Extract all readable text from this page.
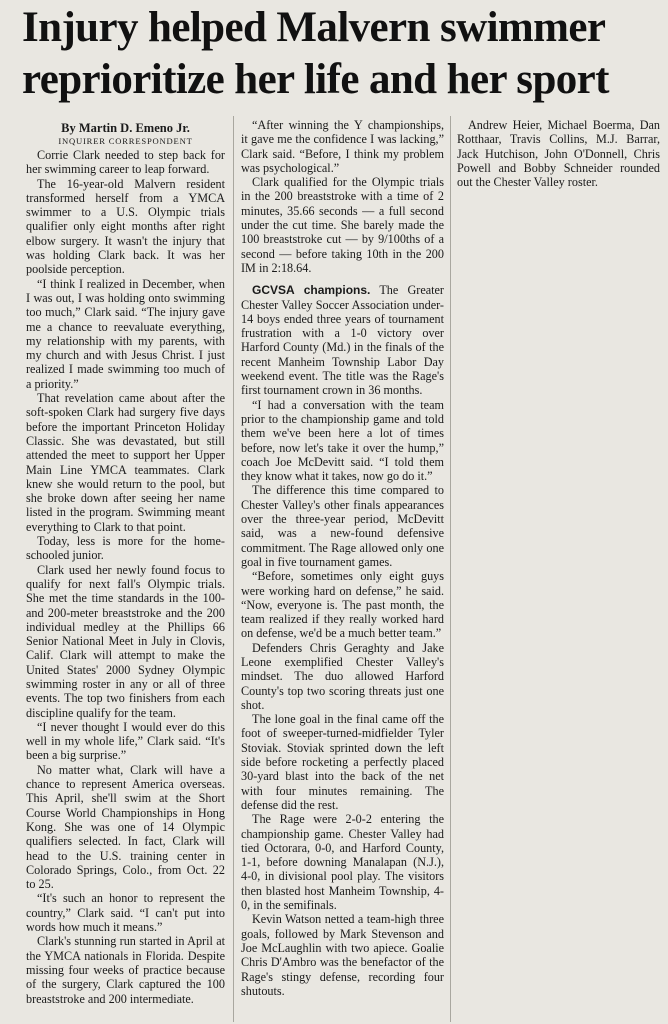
Injury helped Malvern swimmer
reprioritize her life and her sport
By Martin D. Emeno Jr.
INQUIRER CORRESPONDENT

Corrie Clark needed to step back for her swimming career to leap forward.

The 16-year-old Malvern resident transformed herself from a YMCA swimmer to a U.S. Olympic trials qualifier only eight months after right elbow surgery. It wasn't the injury that was holding Clark back. It was her poolside perception.

“I think I realized in December, when I was out, I was holding onto swimming too much,” Clark said. “The injury gave me a chance to reevaluate everything, my relationship with my parents, with my church and with Jesus Christ. I just realized I made swimming too much of a priority.”

That revelation came about after the soft-spoken Clark had surgery five days before the important Princeton Holiday Classic. She was devastated, but still attended the meet to support her Upper Main Line YMCA teammates. Clark knew she would return to the pool, but she broke down after seeing her name listed in the program. Swimming meant everything to Clark to that point.

Today, less is more for the home-schooled junior.

Clark used her newly found focus to qualify for next fall's Olympic trials. She met the time standards in the 100- and 200-meter breaststroke and the 200 individual medley at the Phillips 66 Senior National Meet in July in Clovis, Calif. Clark will attempt to make the United States' 2000 Sydney Olympic swimming roster in any or all of three events. The top two finishers from each discipline qualify for the team.

“I never thought I would ever do this well in my whole life,” Clark said. “It's been a big surprise.”

No matter what, Clark will have a chance to represent America overseas. This April, she'll swim at the Short Course World Championships in Hong Kong. She was one of 14 Olympic qualifiers selected. In fact, Clark will head to the U.S. training center in Colorado Springs, Colo., from Oct. 22 to 25.

“It's such an honor to represent the country,” Clark said. “I can't put into words how much it means.”

Clark's stunning run started in April at the YMCA nationals in Florida. Despite missing four weeks of practice because of the surgery, Clark captured the 100 breaststroke and 200 intermediate.

“After winning the Y championships, it gave me the confidence I was lacking,” Clark said. “Before, I think my problem was psychological.”

Clark qualified for the Olympic trials in the 200 breaststroke with a time of 2 minutes, 35.66 seconds — a full second under the cut time. She barely made the 100 breaststroke cut — by 9/100ths of a second — before taking 10th in the 200 IM in 2:18.64.

GCVSA champions. The Greater Chester Valley Soccer Association under-14 boys ended three years of tournament frustration with a 1-0 victory over Harford County (Md.) in the finals of the recent Manheim Township Labor Day weekend event. The title was the Rage's first tournament crown in 36 months.

“I had a conversation with the team prior to the championship game and told them we've been here a lot of times before, now let's take it over the hump,” coach Joe McDevitt said. “I told them they know what it takes, now go do it.”

The difference this time compared to Chester Valley's other finals appearances over the three-year period, McDevitt said, was a new-found defensive commitment. The Rage allowed only one goal in five tournament games.

“Before, sometimes only eight guys were working hard on defense,” he said. “Now, everyone is. The past month, the team realized if they really worked hard on defense, we'd be a much better team.”

Defenders Chris Geraghty and Jake Leone exemplified Chester Valley's mindset. The duo allowed Harford County's top two scoring threats just one shot.

The lone goal in the final came off the foot of sweeper-turned-midfielder Tyler Stoviak. Stoviak sprinted down the left side before rocketing a perfectly placed 30-yard blast into the back of the net with four minutes remaining. The defense did the rest.

The Rage were 2-0-2 entering the championship game. Chester Valley had tied Octorara, 0-0, and Harford County, 1-1, before downing Manalapan (N.J.), 4-0, in divisional pool play. The visitors then blasted host Manheim Township, 4-0, in the semifinals.

Kevin Watson netted a team-high three goals, followed by Mark Stevenson and Joe McLaughlin with two apiece. Goalie Chris D'Ambro was the benefactor of the Rage's stingy defense, recording four shutouts.

Andrew Heier, Michael Boerma, Dan Rotthaar, Travis Collins, M.J. Barrar, Jack Hutchison, John O'Donnell, Chris Powell and Bobby Schneider rounded out the Chester Valley roster.
